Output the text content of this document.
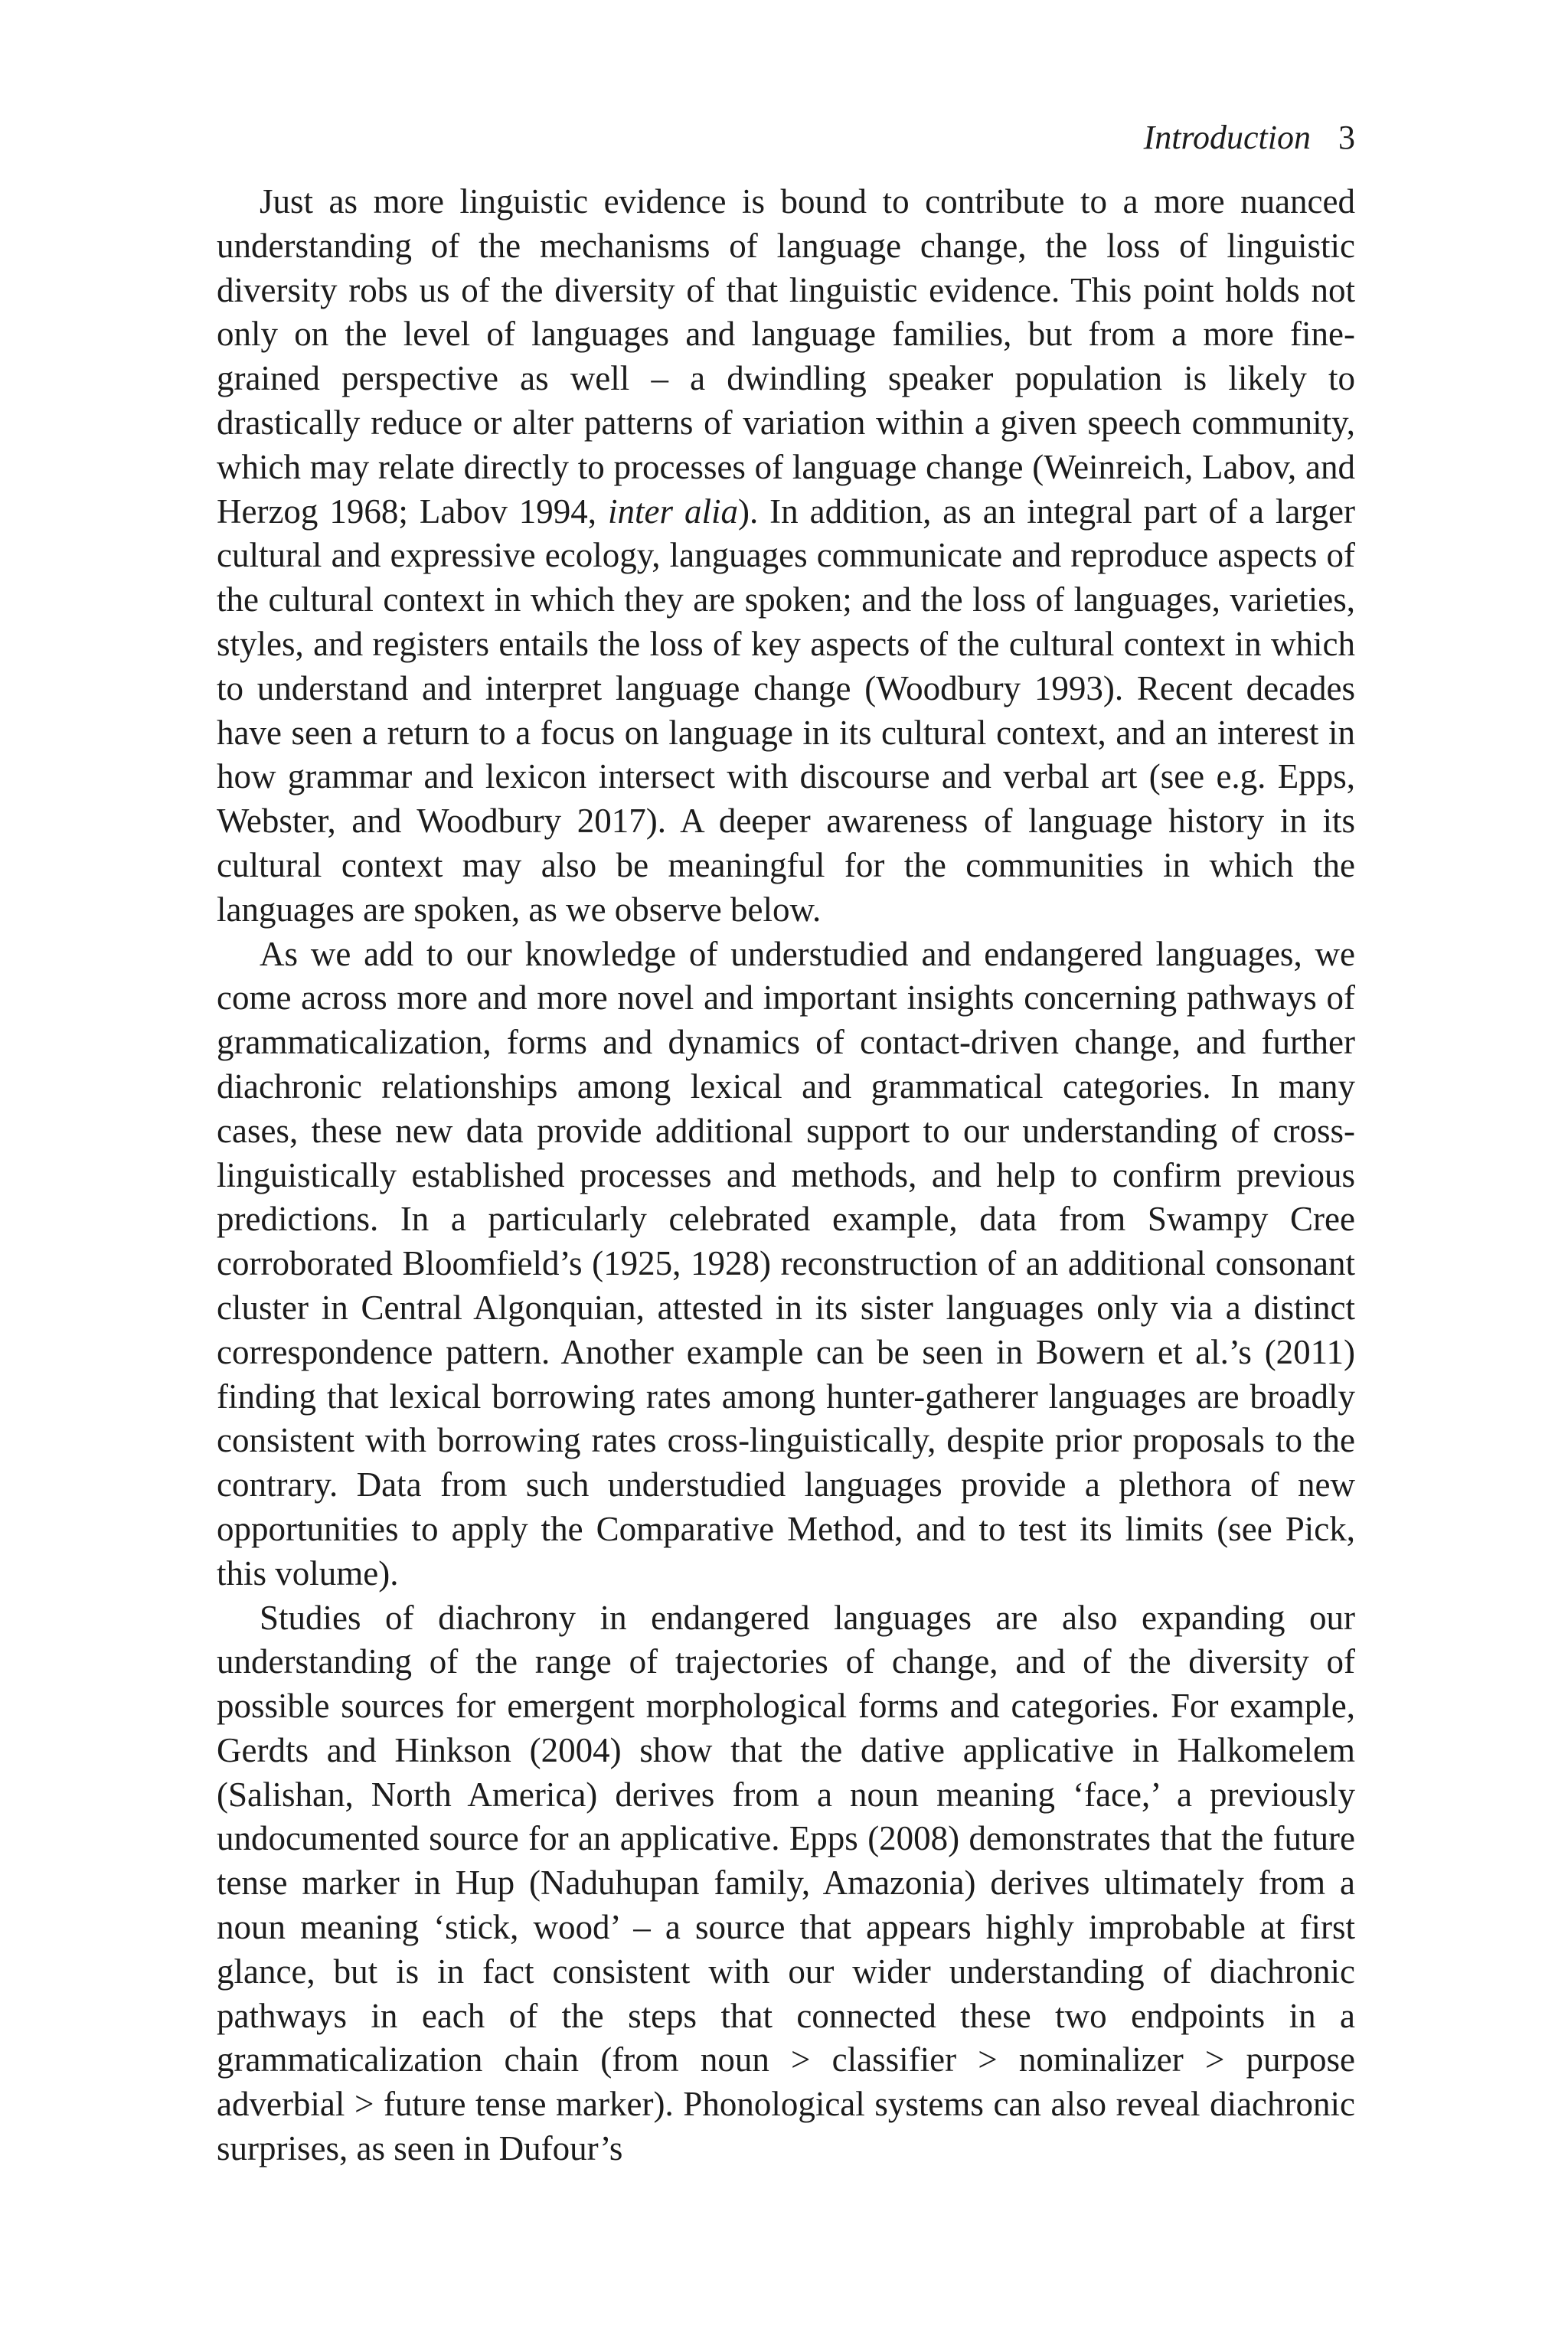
Introduction 3

Just as more linguistic evidence is bound to contribute to a more nuanced understanding of the mechanisms of language change, the loss of linguistic diversity robs us of the diversity of that linguistic evidence. This point holds not only on the level of languages and language families, but from a more fine-grained perspective as well – a dwindling speaker population is likely to drastically reduce or alter patterns of variation within a given speech community, which may relate directly to processes of language change (Weinreich, Labov, and Herzog 1968; Labov 1994, inter alia). In addition, as an integral part of a larger cultural and expressive ecology, languages communicate and reproduce aspects of the cultural context in which they are spoken; and the loss of languages, varieties, styles, and registers entails the loss of key aspects of the cultural context in which to understand and interpret language change (Woodbury 1993). Recent decades have seen a return to a focus on language in its cultural context, and an interest in how grammar and lexicon intersect with discourse and verbal art (see e.g. Epps, Webster, and Woodbury 2017). A deeper awareness of language history in its cultural context may also be meaningful for the communities in which the languages are spoken, as we observe below.

As we add to our knowledge of understudied and endangered languages, we come across more and more novel and important insights concerning pathways of grammaticalization, forms and dynamics of contact-driven change, and further diachronic relationships among lexical and grammatical categories. In many cases, these new data provide additional support to our understanding of cross-linguistically established processes and methods, and help to confirm previous predictions. In a particularly celebrated example, data from Swampy Cree corroborated Bloomfield’s (1925, 1928) reconstruction of an additional consonant cluster in Central Algonquian, attested in its sister languages only via a distinct correspondence pattern. Another example can be seen in Bowern et al.’s (2011) finding that lexical borrowing rates among hunter-gatherer languages are broadly consistent with borrowing rates cross-linguistically, despite prior proposals to the contrary. Data from such understudied languages provide a plethora of new opportunities to apply the Comparative Method, and to test its limits (see Pick, this volume).

Studies of diachrony in endangered languages are also expanding our understanding of the range of trajectories of change, and of the diversity of possible sources for emergent morphological forms and categories. For example, Gerdts and Hinkson (2004) show that the dative applicative in Halkomelem (Salishan, North America) derives from a noun meaning ‘face,’ a previously undocumented source for an applicative. Epps (2008) demonstrates that the future tense marker in Hup (Naduhupan family, Amazonia) derives ultimately from a noun meaning ‘stick, wood’ – a source that appears highly improbable at first glance, but is in fact consistent with our wider understanding of diachronic pathways in each of the steps that connected these two endpoints in a grammaticalization chain (from noun > classifier > nominalizer > purpose adverbial > future tense marker). Phonological systems can also reveal diachronic surprises, as seen in Dufour’s
